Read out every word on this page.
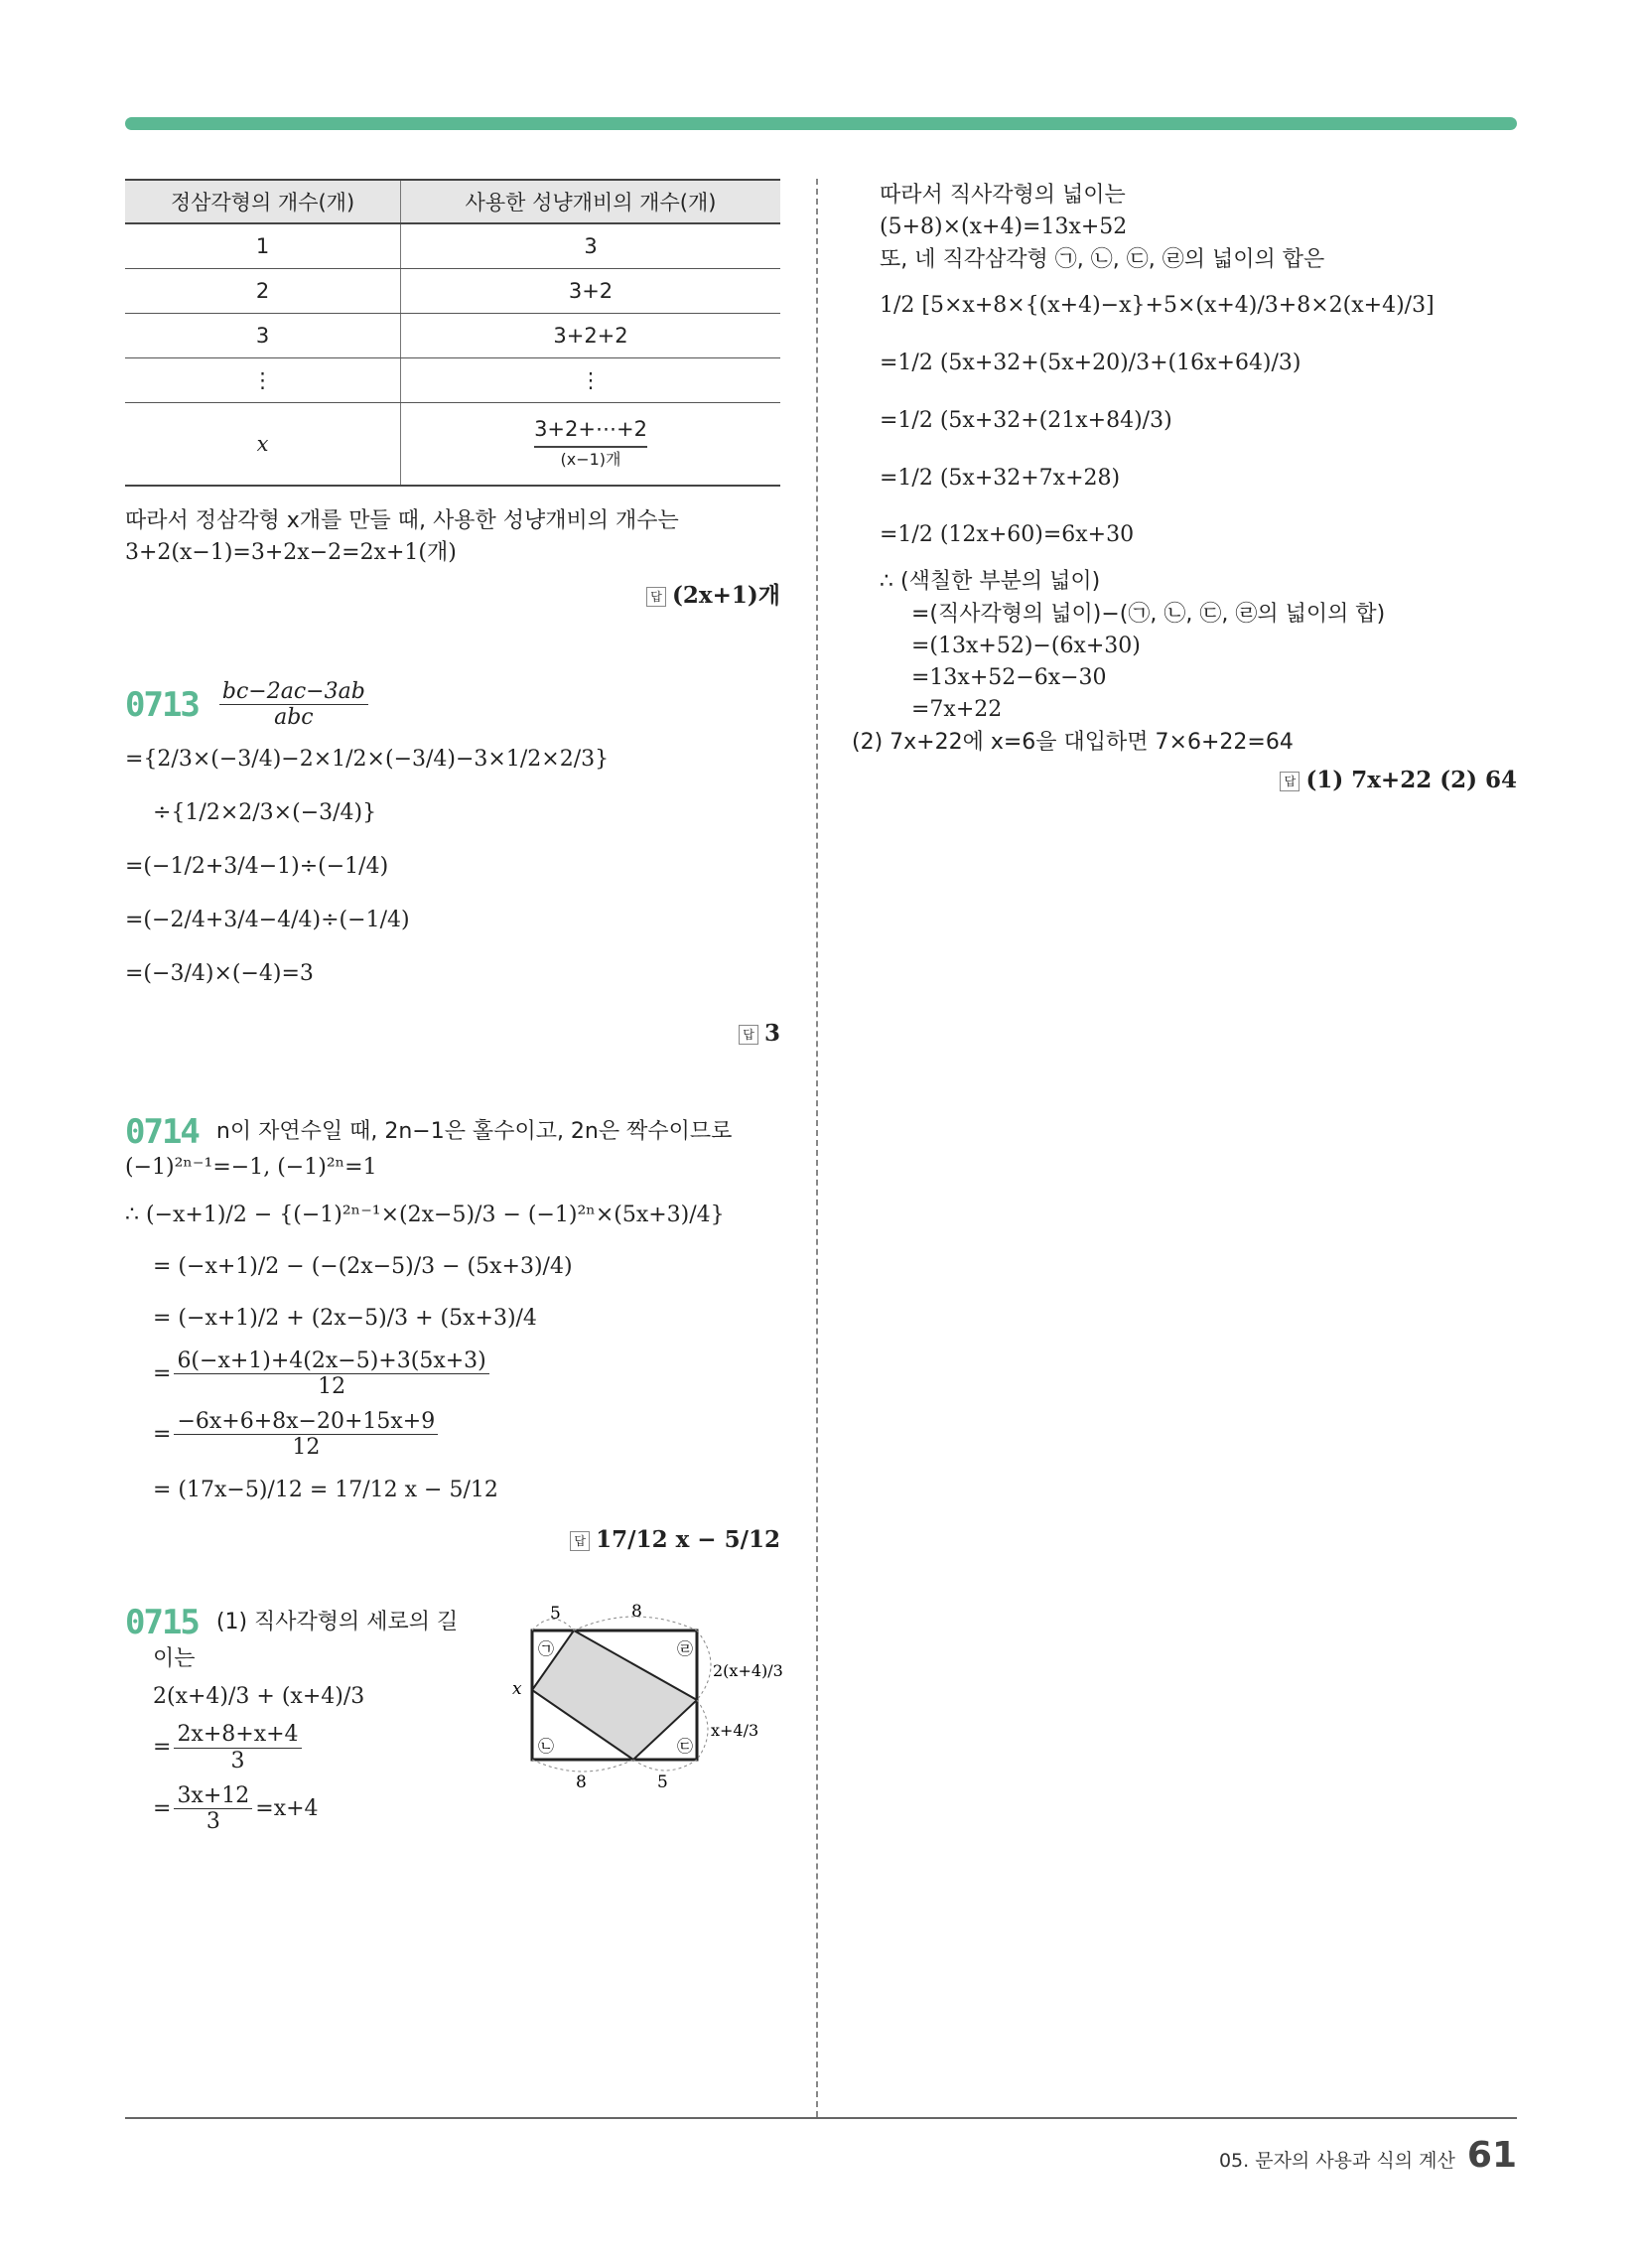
정삼각형의 개수(개)	사용한 성냥개비의 개수(개)
1	3
2	3+2
3	3+2+2
⋮	⋮
x	3+2+⋯+2
(x−1)개
따라서 정삼각형 x개를 만들 때, 사용한 성냥개비의 개수는
3+2(x−1)=3+2x−2=2x+1(개)
답 (2x+1)개
$0713 \frac{bc-2ac-3ab}{\text{abc}}$
={2/3×(−3/4)−2×1/2×(−3/4)−3×1/2×2/3}
÷{1/2×2/3×(−3/4)}
=(−1/2+3/4−1)÷(−1/4)
=(−2/4+3/4−4/4)÷(−1/4)
=(−3/4)×(−4)=3
답 3
0714 n이 자연수일 때, 2n−1은 홀수이고, 2n은 짝수이므로
(−1)²ⁿ⁻¹=−1, (−1)²ⁿ=1
∴ (−x+1)/2 − {(−1)²ⁿ⁻¹×(2x−5)/3 − (−1)²ⁿ×(5x+3)/4}
= (−x+1)/2 − (−(2x−5)/3 − (5x+3)/4)
= (−x+1)/2 + (2x−5)/3 + (5x+3)/4
= $\frac{6(-x+1)+4(2x-5)+3(5x+3)}{12}$
= $\frac{-6x+6+8x-20+15x+9}{12}$
= (17x−5)/12 = 17/12 x − 5/12
답 17/12 x − 5/12
0715 (1) 직사각형의 세로의 길
이는
2(x+4)/3 + (x+4)/3
= $\frac{2x+8+x+4}{3}$
= $\frac{3x+12}{3} =x+4$
5	8
x
8	5
2(x+4)/3
x+4/3
㉠
㉡	㉢
㉣
따라서 직사각형의 넓이는
(5+8)×(x+4)=13x+52
또, 네 직각삼각형 ㉠, ㉡, ㉢, ㉣의 넓이의 합은
1/2 [5×x+8×{(x+4)−x}+5×(x+4)/3+8×2(x+4)/3]
=1/2 (5x+32+(5x+20)/3+(16x+64)/3)
=1/2 (5x+32+(21x+84)/3)
=1/2 (5x+32+7x+28)
=1/2 (12x+60)=6x+30
∴ (색칠한 부분의 넓이)
=(직사각형의 넓이)−(㉠, ㉡, ㉢, ㉣의 넓이의 합)
=(13x+52)−(6x+30)
=13x+52−6x−30
=7x+22
(2) 7x+22에 x=6을 대입하면 7×6+22=64
답 (1) 7x+22 (2) 64
05. 문자의 사용과 식의 계산 61
